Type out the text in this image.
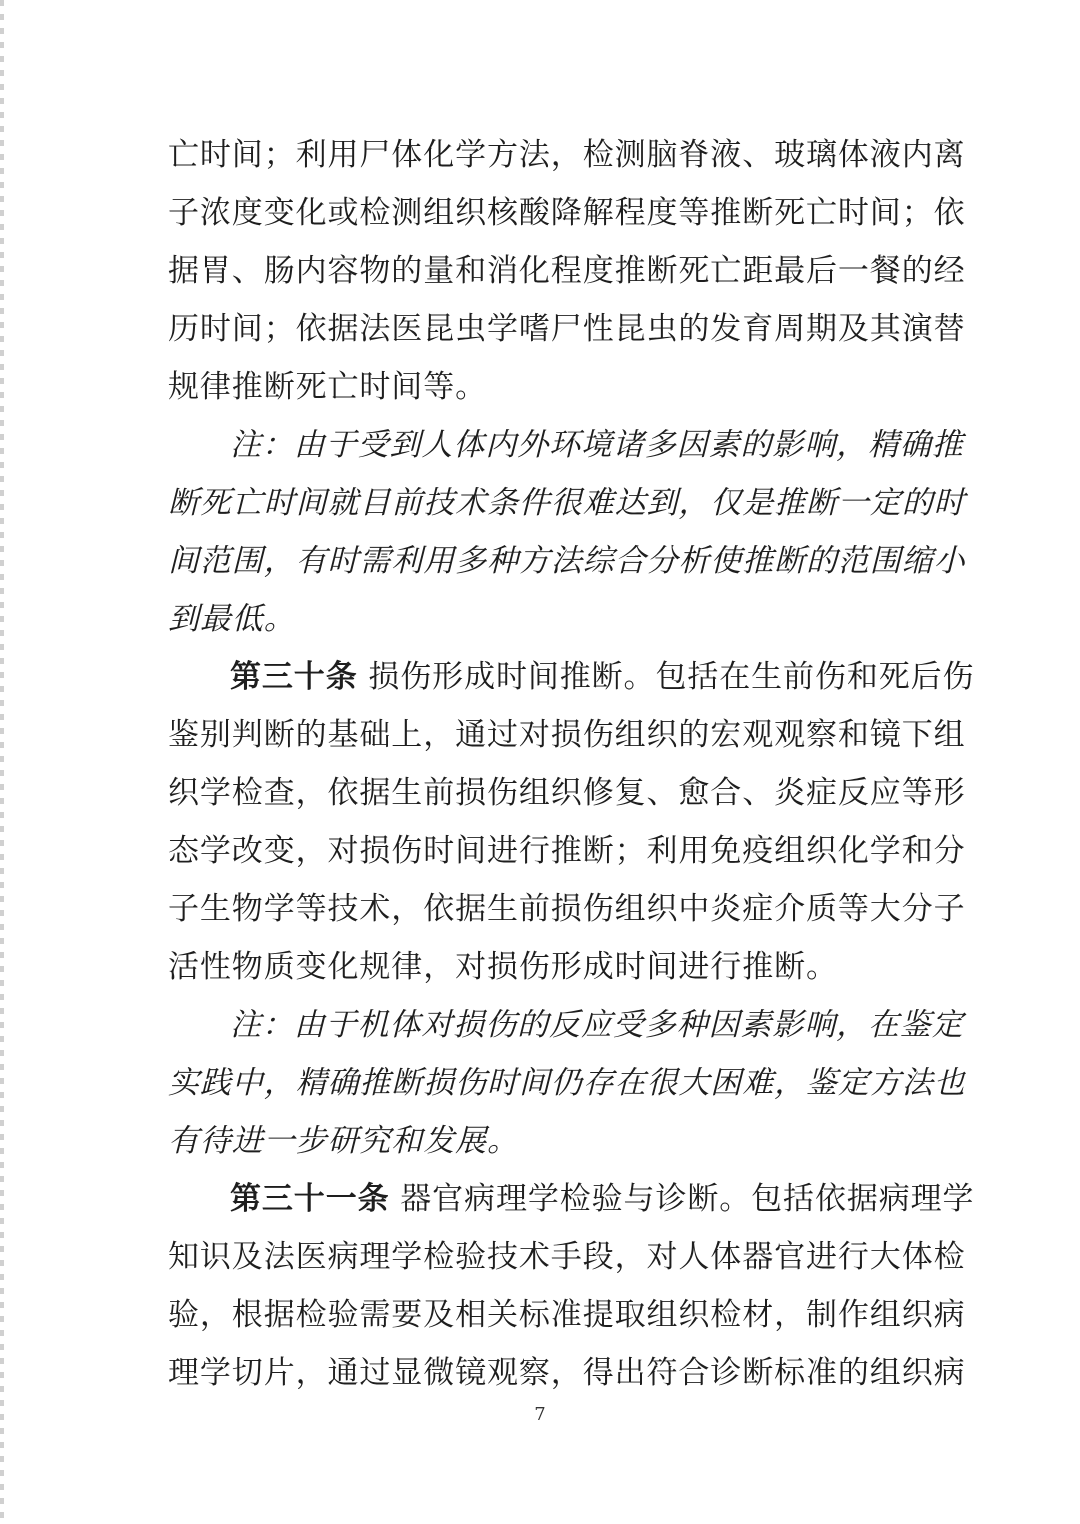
亡时间；利用尸体化学方法，检测脑脊液、玻璃体液内离
子浓度变化或检测组织核酸降解程度等推断死亡时间；依
据胃、肠内容物的量和消化程度推断死亡距最后一餐的经
历时间；依据法医昆虫学嗜尸性昆虫的发育周期及其演替
规律推断死亡时间等。
注：由于受到人体内外环境诸多因素的影响，精确推
断死亡时间就目前技术条件很难达到，仅是推断一定的时
间范围，有时需利用多种方法综合分析使推断的范围缩小
到最低。
第三十条 损伤形成时间推断。包括在生前伤和死后伤
鉴别判断的基础上，通过对损伤组织的宏观观察和镜下组
织学检查，依据生前损伤组织修复、愈合、炎症反应等形
态学改变，对损伤时间进行推断；利用免疫组织化学和分
子生物学等技术，依据生前损伤组织中炎症介质等大分子
活性物质变化规律，对损伤形成时间进行推断。
注：由于机体对损伤的反应受多种因素影响，在鉴定
实践中，精确推断损伤时间仍存在很大困难，鉴定方法也
有待进一步研究和发展。
第三十一条 器官病理学检验与诊断。包括依据病理学
知识及法医病理学检验技术手段，对人体器官进行大体检
验，根据检验需要及相关标准提取组织检材，制作组织病
理学切片，通过显微镜观察，得出符合诊断标准的组织病
7
